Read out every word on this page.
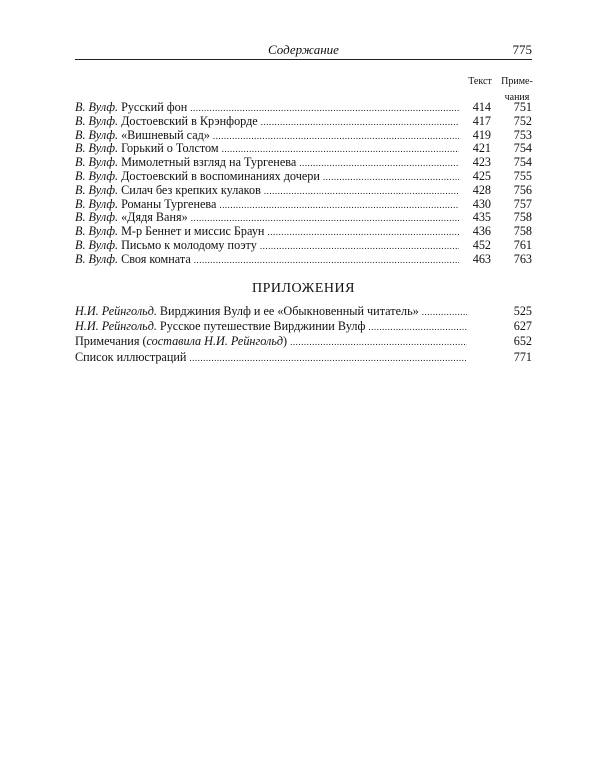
Содержание	775
Текст Приме-
чания
В. Вулф. Русский фон .....	414	751
В. Вулф. Достоевский в Крэнфорде .....	417	752
В. Вулф. «Вишневый сад» .....	419	753
В. Вулф. Горький о Толстом .....	421	754
В. Вулф. Мимолетный взгляд на Тургенева .....	423	754
В. Вулф. Достоевский в воспоминаниях дочери .....	425	755
В. Вулф. Силач без крепких кулаков .....	428	756
В. Вулф. Романы Тургенева .....	430	757
В. Вулф. «Дядя Ваня» .....	435	758
В. Вулф. М-р Беннет и миссис Браун .....	436	758
В. Вулф. Письмо к молодому поэту .....	452	761
В. Вулф. Своя комната .....	463	763
ПРИЛОЖЕНИЯ
Н.И. Рейнгольд. Вирджиния Вулф и ее «Обыкновенный читатель» .....	525
Н.И. Рейнгольд. Русское путешествие Вирджинии Вулф .....	627
Примечания ( составила Н.И. Рейнгольд ) .....	652
Список иллюстраций .....	771
